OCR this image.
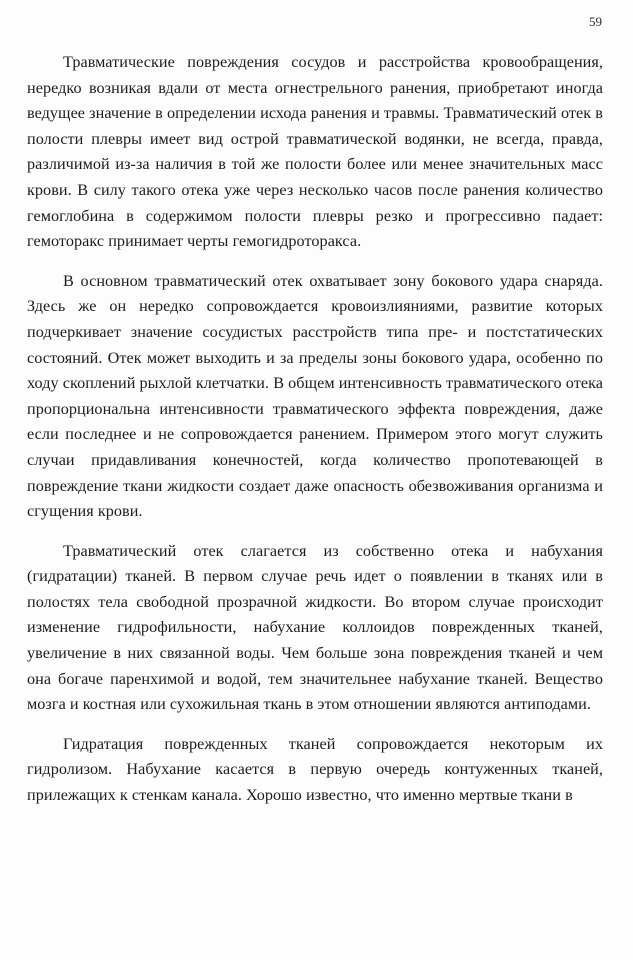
59

Травматические повреждения сосудов и расстройства кровообращения, нередко возникая вдали от места огнестрельного ранения, приобретают иногда ведущее значение в определении исхода ранения и травмы. Травматический отек в полости плевры имеет вид острой травматической водянки, не всегда, правда, различимой из-за наличия в той же полости более или менее значительных масс крови. В силу такого отека уже через несколько часов после ранения количество гемоглобина в содержимом полости плевры резко и прогрессивно падает: гемоторакс принимает черты гемогидроторакса.

В основном травматический отек охватывает зону бокового удара снаряда. Здесь же он нередко сопровождается кровоизлияниями, развитие которых подчеркивает значение сосудистых расстройств типа пре- и постстатических состояний. Отек может выходить и за пределы зоны бокового удара, особенно по ходу скоплений рыхлой клетчатки. В общем интенсивность травматического отека пропорциональна интенсивности травматического эффекта повреждения, даже если последнее и не сопровождается ранением. Примером этого могут служить случаи придавливания конечностей, когда количество пропотевающей в повреждение ткани жидкости создает даже опасность обезвоживания организма и сгущения крови.

Травматический отек слагается из собственно отека и набухания (гидратации) тканей. В первом случае речь идет о появлении в тканях или в полостях тела свободной прозрачной жидкости. Во втором случае происходит изменение гидрофильности, набухание коллоидов поврежденных тканей, увеличение в них связанной воды. Чем больше зона повреждения тканей и чем она богаче паренхимой и водой, тем значительнее набухание тканей. Вещество мозга и костная или сухожильная ткань в этом отношении являются антиподами.

Гидратация поврежденных тканей сопровождается некоторым их гидролизом. Набухание касается в первую очередь контуженных тканей, прилежащих к стенкам канала. Хорошо известно, что именно мертвые ткани в
